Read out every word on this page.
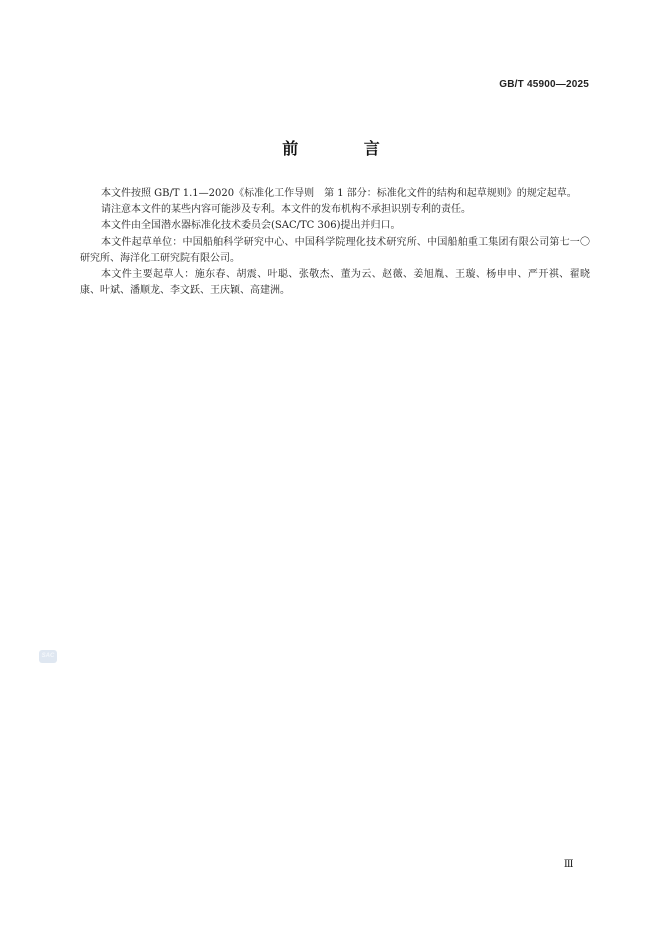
GB/T 45900—2025
前 言

本文件按照 GB/T 1.1—2020《标准化工作导则　第 1 部分：标准化文件的结构和起草规则》的规定起草。

请注意本文件的某些内容可能涉及专利。本文件的发布机构不承担识别专利的责任。

本文件由全国潜水器标准化技术委员会(SAC/TC 306)提出并归口。

本文件起草单位：中国船舶科学研究中心、中国科学院理化技术研究所、中国船舶重工集团有限公司第七一〇研究所、海洋化工研究院有限公司。

本文件主要起草人：施东春、胡震、叶聪、张敬杰、董为云、赵薇、姜旭胤、王璇、杨申申、严开祺、翟晓康、叶斌、潘顺龙、李文跃、王庆颖、高建洲。

SAC
Ⅲ
